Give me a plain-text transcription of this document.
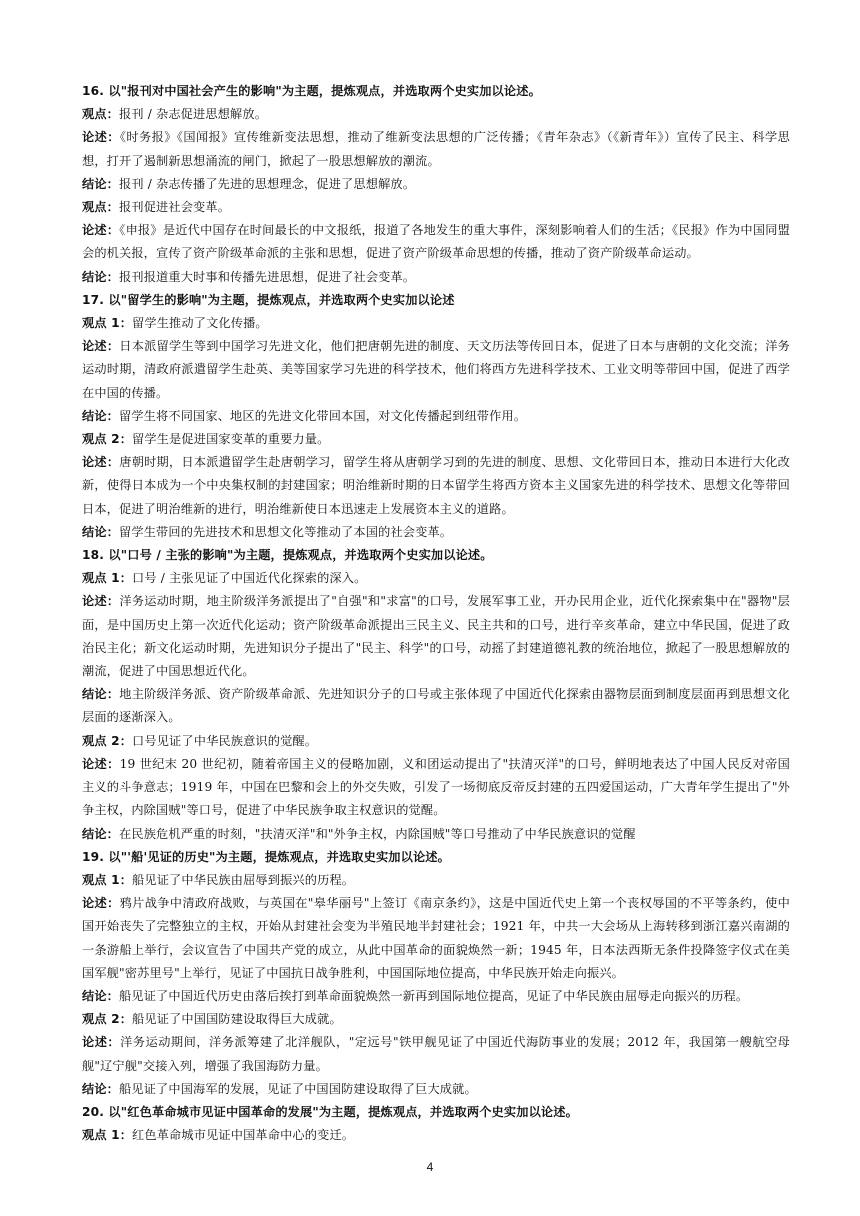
16. 以"报刊对中国社会产生的影响"为主题，提炼观点，并选取两个史实加以论述。

观点：报刊 / 杂志促进思想解放。

论述：《时务报》《国闻报》宣传维新变法思想，推动了维新变法思想的广泛传播；《青年杂志》（《新青年》）宣传了民主、科学思想，打开了遏制新思想涌流的闸门，掀起了一股思想解放的潮流。

结论：报刊 / 杂志传播了先进的思想理念，促进了思想解放。

观点：报刊促进社会变革。

论述：《申报》是近代中国存在时间最长的中文报纸，报道了各地发生的重大事件，深刻影响着人们的生活；《民报》作为中国同盟会的机关报，宣传了资产阶级革命派的主张和思想，促进了资产阶级革命思想的传播，推动了资产阶级革命运动。

结论：报刊报道重大时事和传播先进思想，促进了社会变革。

17. 以"留学生的影响"为主题，提炼观点，并选取两个史实加以论述

观点 1：留学生推动了文化传播。

论述：日本派留学生等到中国学习先进文化，他们把唐朝先进的制度、天文历法等传回日本，促进了日本与唐朝的文化交流；洋务运动时期，清政府派遣留学生赴英、美等国家学习先进的科学技术，他们将西方先进科学技术、工业文明等带回中国，促进了西学在中国的传播。

结论：留学生将不同国家、地区的先进文化带回本国，对文化传播起到纽带作用。

观点 2：留学生是促进国家变革的重要力量。

论述：唐朝时期，日本派遣留学生赴唐朝学习，留学生将从唐朝学习到的先进的制度、思想、文化带回日本，推动日本进行大化改新，使得日本成为一个中央集权制的封建国家；明治维新时期的日本留学生将西方资本主义国家先进的科学技术、思想文化等带回日本，促进了明治维新的进行，明治维新使日本迅速走上发展资本主义的道路。

结论：留学生带回的先进技术和思想文化等推动了本国的社会变革。

18. 以"口号 / 主张的影响"为主题，提炼观点，并选取两个史实加以论述。

观点 1：口号 / 主张见证了中国近代化探索的深入。

论述：洋务运动时期，地主阶级洋务派提出了"自强"和"求富"的口号，发展军事工业，开办民用企业，近代化探索集中在"器物"层面，是中国历史上第一次近代化运动；资产阶级革命派提出三民主义、民主共和的口号，进行辛亥革命，建立中华民国，促进了政治民主化；新文化运动时期，先进知识分子提出了"民主、科学"的口号，动摇了封建道德礼教的统治地位，掀起了一股思想解放的潮流，促进了中国思想近代化。

结论：地主阶级洋务派、资产阶级革命派、先进知识分子的口号或主张体现了中国近代化探索由器物层面到制度层面再到思想文化层面的逐渐深入。

观点 2：口号见证了中华民族意识的觉醒。

论述：19 世纪末 20 世纪初，随着帝国主义的侵略加剧，义和团运动提出了"扶清灭洋"的口号，鲜明地表达了中国人民反对帝国主义的斗争意志；1919 年，中国在巴黎和会上的外交失败，引发了一场彻底反帝反封建的五四爱国运动，广大青年学生提出了"外争主权，内除国贼"等口号，促进了中华民族争取主权意识的觉醒。

结论：在民族危机严重的时刻，"扶清灭洋"和"外争主权，内除国贼"等口号推动了中华民族意识的觉醒

19. 以"'船'见证的历史"为主题，提炼观点，并选取史实加以论述。

观点 1：船见证了中华民族由屈辱到振兴的历程。

论述：鸦片战争中清政府战败，与英国在"皋华丽号"上签订《南京条约》，这是中国近代史上第一个丧权辱国的不平等条约，使中国开始丧失了完整独立的主权，开始从封建社会变为半殖民地半封建社会；1921 年，中共一大会场从上海转移到浙江嘉兴南湖的一条游船上举行，会议宣告了中国共产党的成立，从此中国革命的面貌焕然一新；1945 年，日本法西斯无条件投降签字仪式在美国军舰"密苏里号"上举行，见证了中国抗日战争胜利，中国国际地位提高，中华民族开始走向振兴。

结论：船见证了中国近代历史由落后挨打到革命面貌焕然一新再到国际地位提高，见证了中华民族由屈辱走向振兴的历程。

观点 2：船见证了中国国防建设取得巨大成就。

论述：洋务运动期间，洋务派筹建了北洋舰队，"定远号"铁甲舰见证了中国近代海防事业的发展；2012 年，我国第一艘航空母舰"辽宁舰"交接入列，增强了我国海防力量。

结论：船见证了中国海军的发展，见证了中国国防建设取得了巨大成就。

20. 以"红色革命城市见证中国革命的发展"为主题，提炼观点，并选取两个史实加以论述。

观点 1：红色革命城市见证中国革命中心的变迁。

4
